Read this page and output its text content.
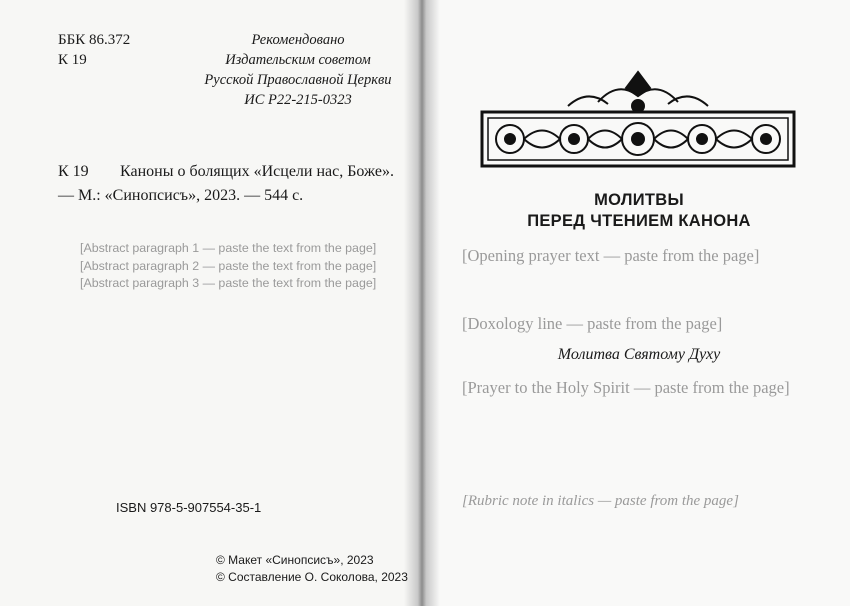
ББК 86.372
К 19
Рекомендовано
Издательским советом
Русской Православной Церкви
ИС Р22-215-0323
К 19 Каноны о болящих «Исцели нас, Боже».— М.: «Синопсисъ», 2023. — 544 с.

[Abstract paragraph 1 — paste the text from the page]

[Abstract paragraph 2 — paste the text from the page]

[Abstract paragraph 3 — paste the text from the page]

ISBN 978-5-907554-35-1
© Макет «Синопсисъ», 2023
© Составление О. Соколова, 2023
МОЛИТВЫ
ПЕРЕД ЧТЕНИЕМ КАНОНА
[Opening prayer text — paste from the page]
[Doxology line — paste from the page]
Молитва Святому Духу
[Prayer to the Holy Spirit — paste from the page]
[Rubric note in italics — paste from the page]
